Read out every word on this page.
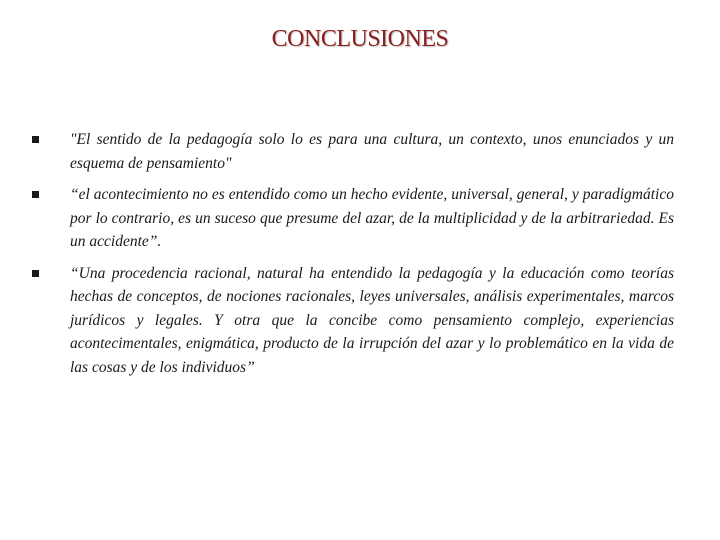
CONCLUSIONES
"El sentido de la pedagogía solo lo es para una cultura, un contexto, unos enunciados y un esquema de pensamiento"
“el acontecimiento no es entendido como un hecho evidente, universal, general, y paradigmático por lo contrario, es un suceso que presume del azar, de la multiplicidad y de la arbitrariedad. Es un accidente”.
“Una procedencia racional, natural ha entendido la pedagogía y la educación como teorías hechas de conceptos, de nociones racionales, leyes universales, análisis experimentales, marcos jurídicos y legales. Y otra que la concibe como pensamiento complejo, experiencias acontecimentales, enigmática, producto de la irrupción del azar y lo problemático en la vida de las cosas y de los individuos”
